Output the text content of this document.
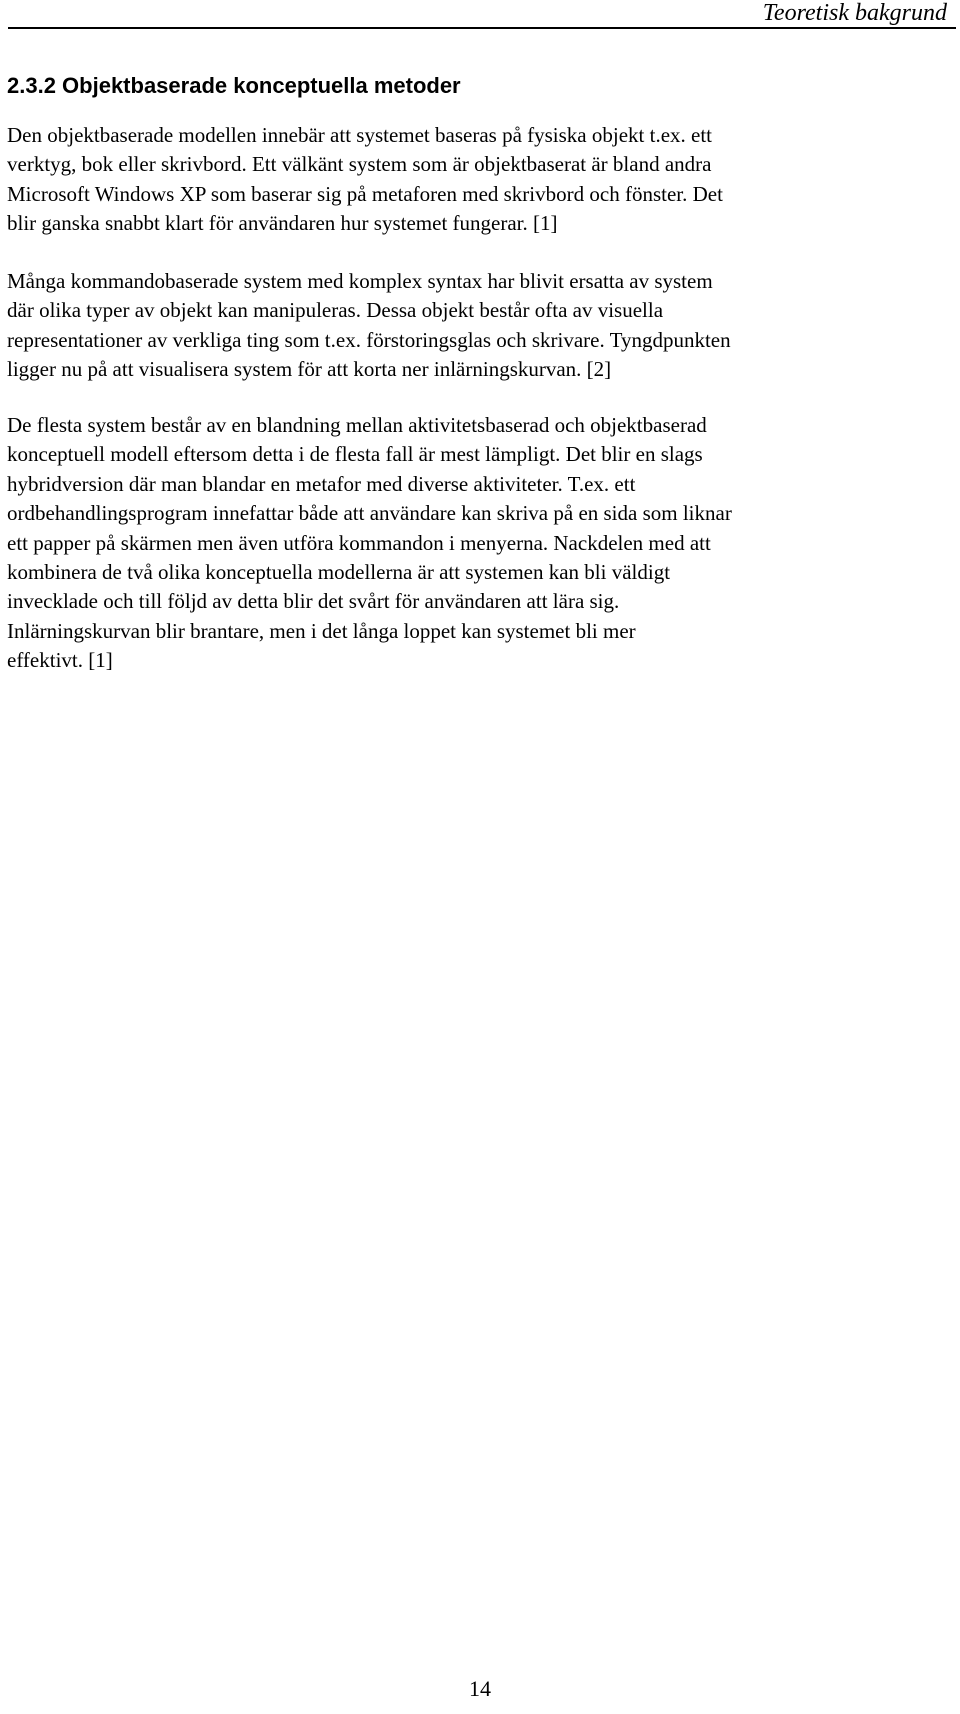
Teoretisk bakgrund
2.3.2 Objektbaserade konceptuella metoder
Den objektbaserade modellen innebär att systemet baseras på fysiska objekt t.ex. ett
verktyg, bok eller skrivbord. Ett välkänt system som är objektbaserat är bland andra
Microsoft Windows XP som baserar sig på metaforen med skrivbord och fönster. Det
blir ganska snabbt klart för användaren hur systemet fungerar. [1]
Många kommandobaserade system med komplex syntax har blivit ersatta av system
där olika typer av objekt kan manipuleras. Dessa objekt består ofta av visuella
representationer av verkliga ting som t.ex. förstoringsglas och skrivare. Tyngdpunkten
ligger nu på att visualisera system för att korta ner inlärningskurvan. [2]
De flesta system består av en blandning mellan aktivitetsbaserad och objektbaserad
konceptuell modell eftersom detta i de flesta fall är mest lämpligt. Det blir en slags
hybridversion där man blandar en metafor med diverse aktiviteter. T.ex. ett
ordbehandlingsprogram innefattar både att användare kan skriva på en sida som liknar
ett papper på skärmen men även utföra kommandon i menyerna. Nackdelen med att
kombinera de två olika konceptuella modellerna är att systemen kan bli väldigt
invecklade och till följd av detta blir det svårt för användaren att lära sig.
Inlärningskurvan blir brantare, men i det långa loppet kan systemet bli mer
effektivt. [1]
14
